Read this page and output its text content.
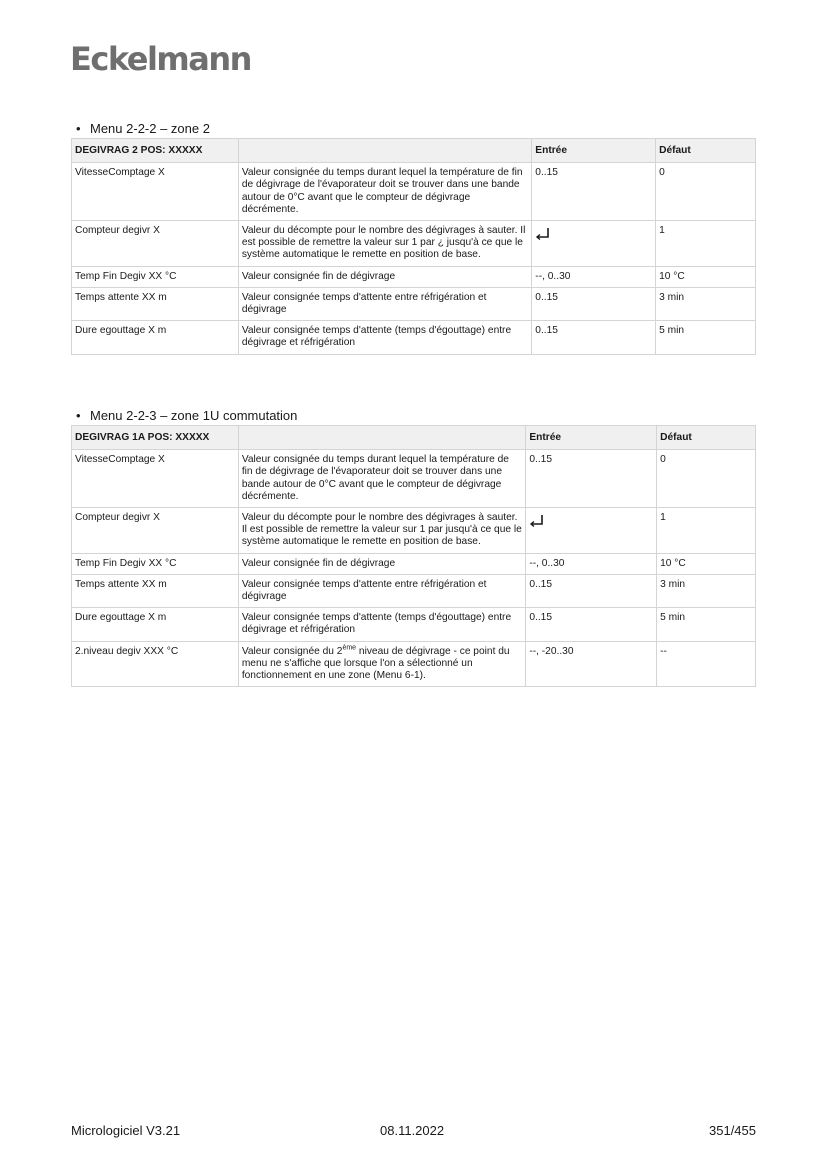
Eckelmann
• Menu 2-2-2 – zone 2
DEGIVRAG 2 POS: XXXXX		Entrée	Défaut
VitesseComptage X	Valeur consignée du temps durant lequel la température de fin de dégivrage de l'évaporateur doit se trouver dans une bande autour de 0°C avant que le compteur de dégivrage décrémente.	0..15	0
Compteur degivr X	Valeur du décompte pour le nombre des dégivrages à sauter. Il est possible de remettre la valeur sur 1 par ¿ jusqu'à ce que le système automatique le remette en position de base.		1
Temp Fin Degiv XX °C	Valeur consignée fin de dégivrage	--, 0..30	10 °C
Temps attente XX m	Valeur consignée temps d'attente entre réfrigération et dégivrage	0..15	3 min
Dure egouttage X m	Valeur consignée temps d'attente (temps d'égouttage) entre dégivrage et réfrigération	0..15	5 min
• Menu 2-2-3 – zone 1U commutation
DEGIVRAG 1A POS: XXXXX		Entrée	Défaut
VitesseComptage X	Valeur consignée du temps durant lequel la température de fin de dégivrage de l'évaporateur doit se trouver dans une bande autour de 0°C avant que le compteur de dégivrage décrémente.	0..15	0
Compteur degivr X	Valeur du décompte pour le nombre des dégivrages à sauter. Il est possible de remettre la valeur sur 1 par jusqu'à ce que le système automatique le remette en position de base.		1
Temp Fin Degiv XX °C	Valeur consignée fin de dégivrage	--, 0..30	10 °C
Temps attente XX m	Valeur consignée temps d'attente entre réfrigération et dégivrage	0..15	3 min
Dure egouttage X m	Valeur consignée temps d'attente (temps d'égouttage) entre dégivrage et réfrigération	0..15	5 min
2.niveau degiv XXX °C	Valeur consignée du 2ème niveau de dégivrage - ce point du menu ne s'affiche que lorsque l'on a sélectionné un fonctionnement en une zone (Menu 6-1).	--, -20..30	--
Micrologiciel V3.21	08.11.2022	351/455
